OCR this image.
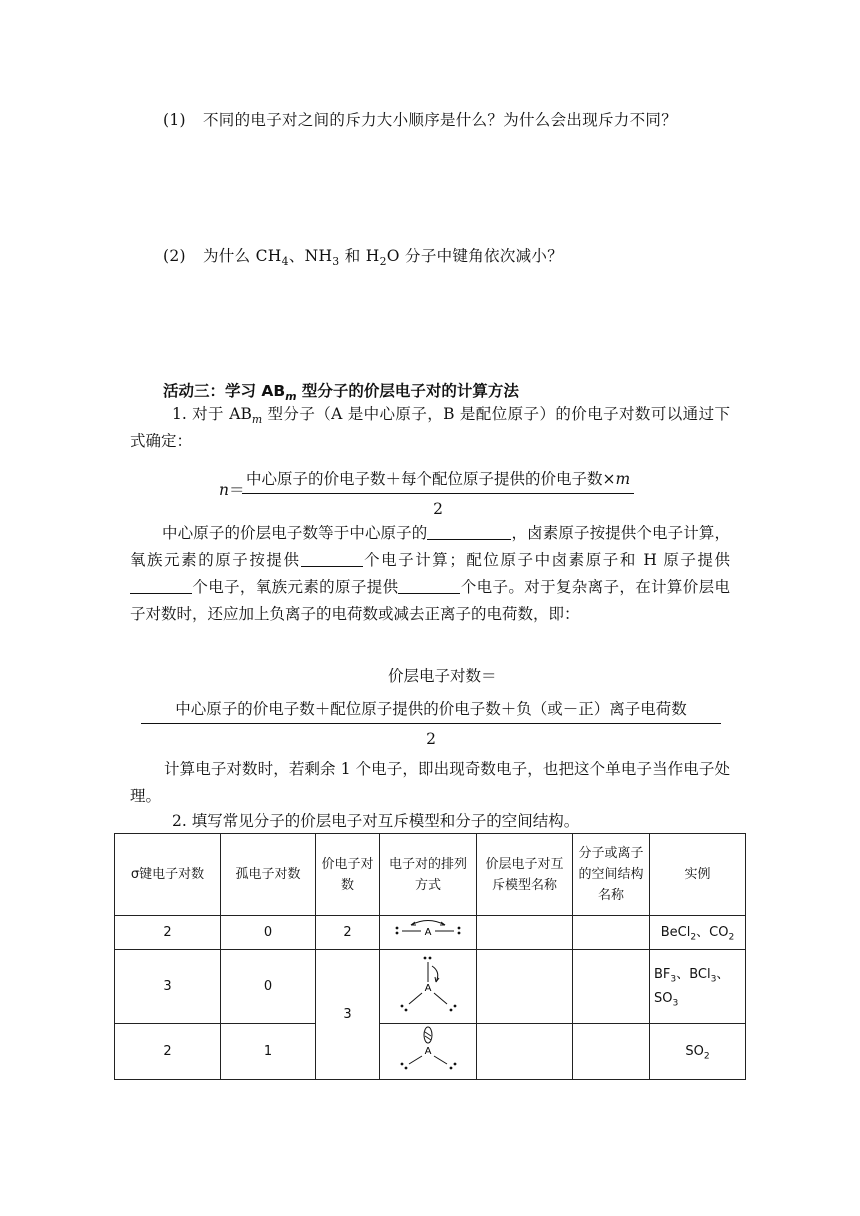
(1) 不同的电子对之间的斥力大小顺序是什么？为什么会出现斥力不同？
(2) 为什么 $CH_4$、$NH_3$ 和 $H_2O$ 分子中键角依次减小？
活动三：学习 $AB_m$ 型分子的价层电子对的计算方法
1. 对于 $AB_m$ 型分子（A 是中心原子，B 是配位原子）的价电子对数可以通过下式确定：
n＝
中心原子的价电子数＋每个配位原子提供的价电子数×m
2
中心原子的价层电子数等于中心原子的	，卤素原子按提供个电子计算，氧族元素的原子按提供	个电子计算；配位原子中卤素原子和 H 原子提供个电子，氧族元素的原子提供	个电子。对于复杂离子，在计算价层电子对数时，还应加上负离子的电荷数或减去正离子的电荷数，即：
价层电子对数＝
中心原子的价电子数＋配位原子提供的价电子数＋负（或－正）离子电荷数
2
计算电子对数时，若剩余 1 个电子，即出现奇数电子，也把这个单电子当作电子处理。
2. 填写常见分子的价层电子对互斥模型和分子的空间结构。
σ键电子对数	孤电子对数	价电子对数	电子对的排列方式	价层电子对互斥模型名称	分子或离子的空间结构名称	实例
2	0	2	A			BeCl$_2$、$CO_2$
3	0	3	A			$BF_3$、BCl$_3$、$SO_3$
2	1		A			$SO_2$
